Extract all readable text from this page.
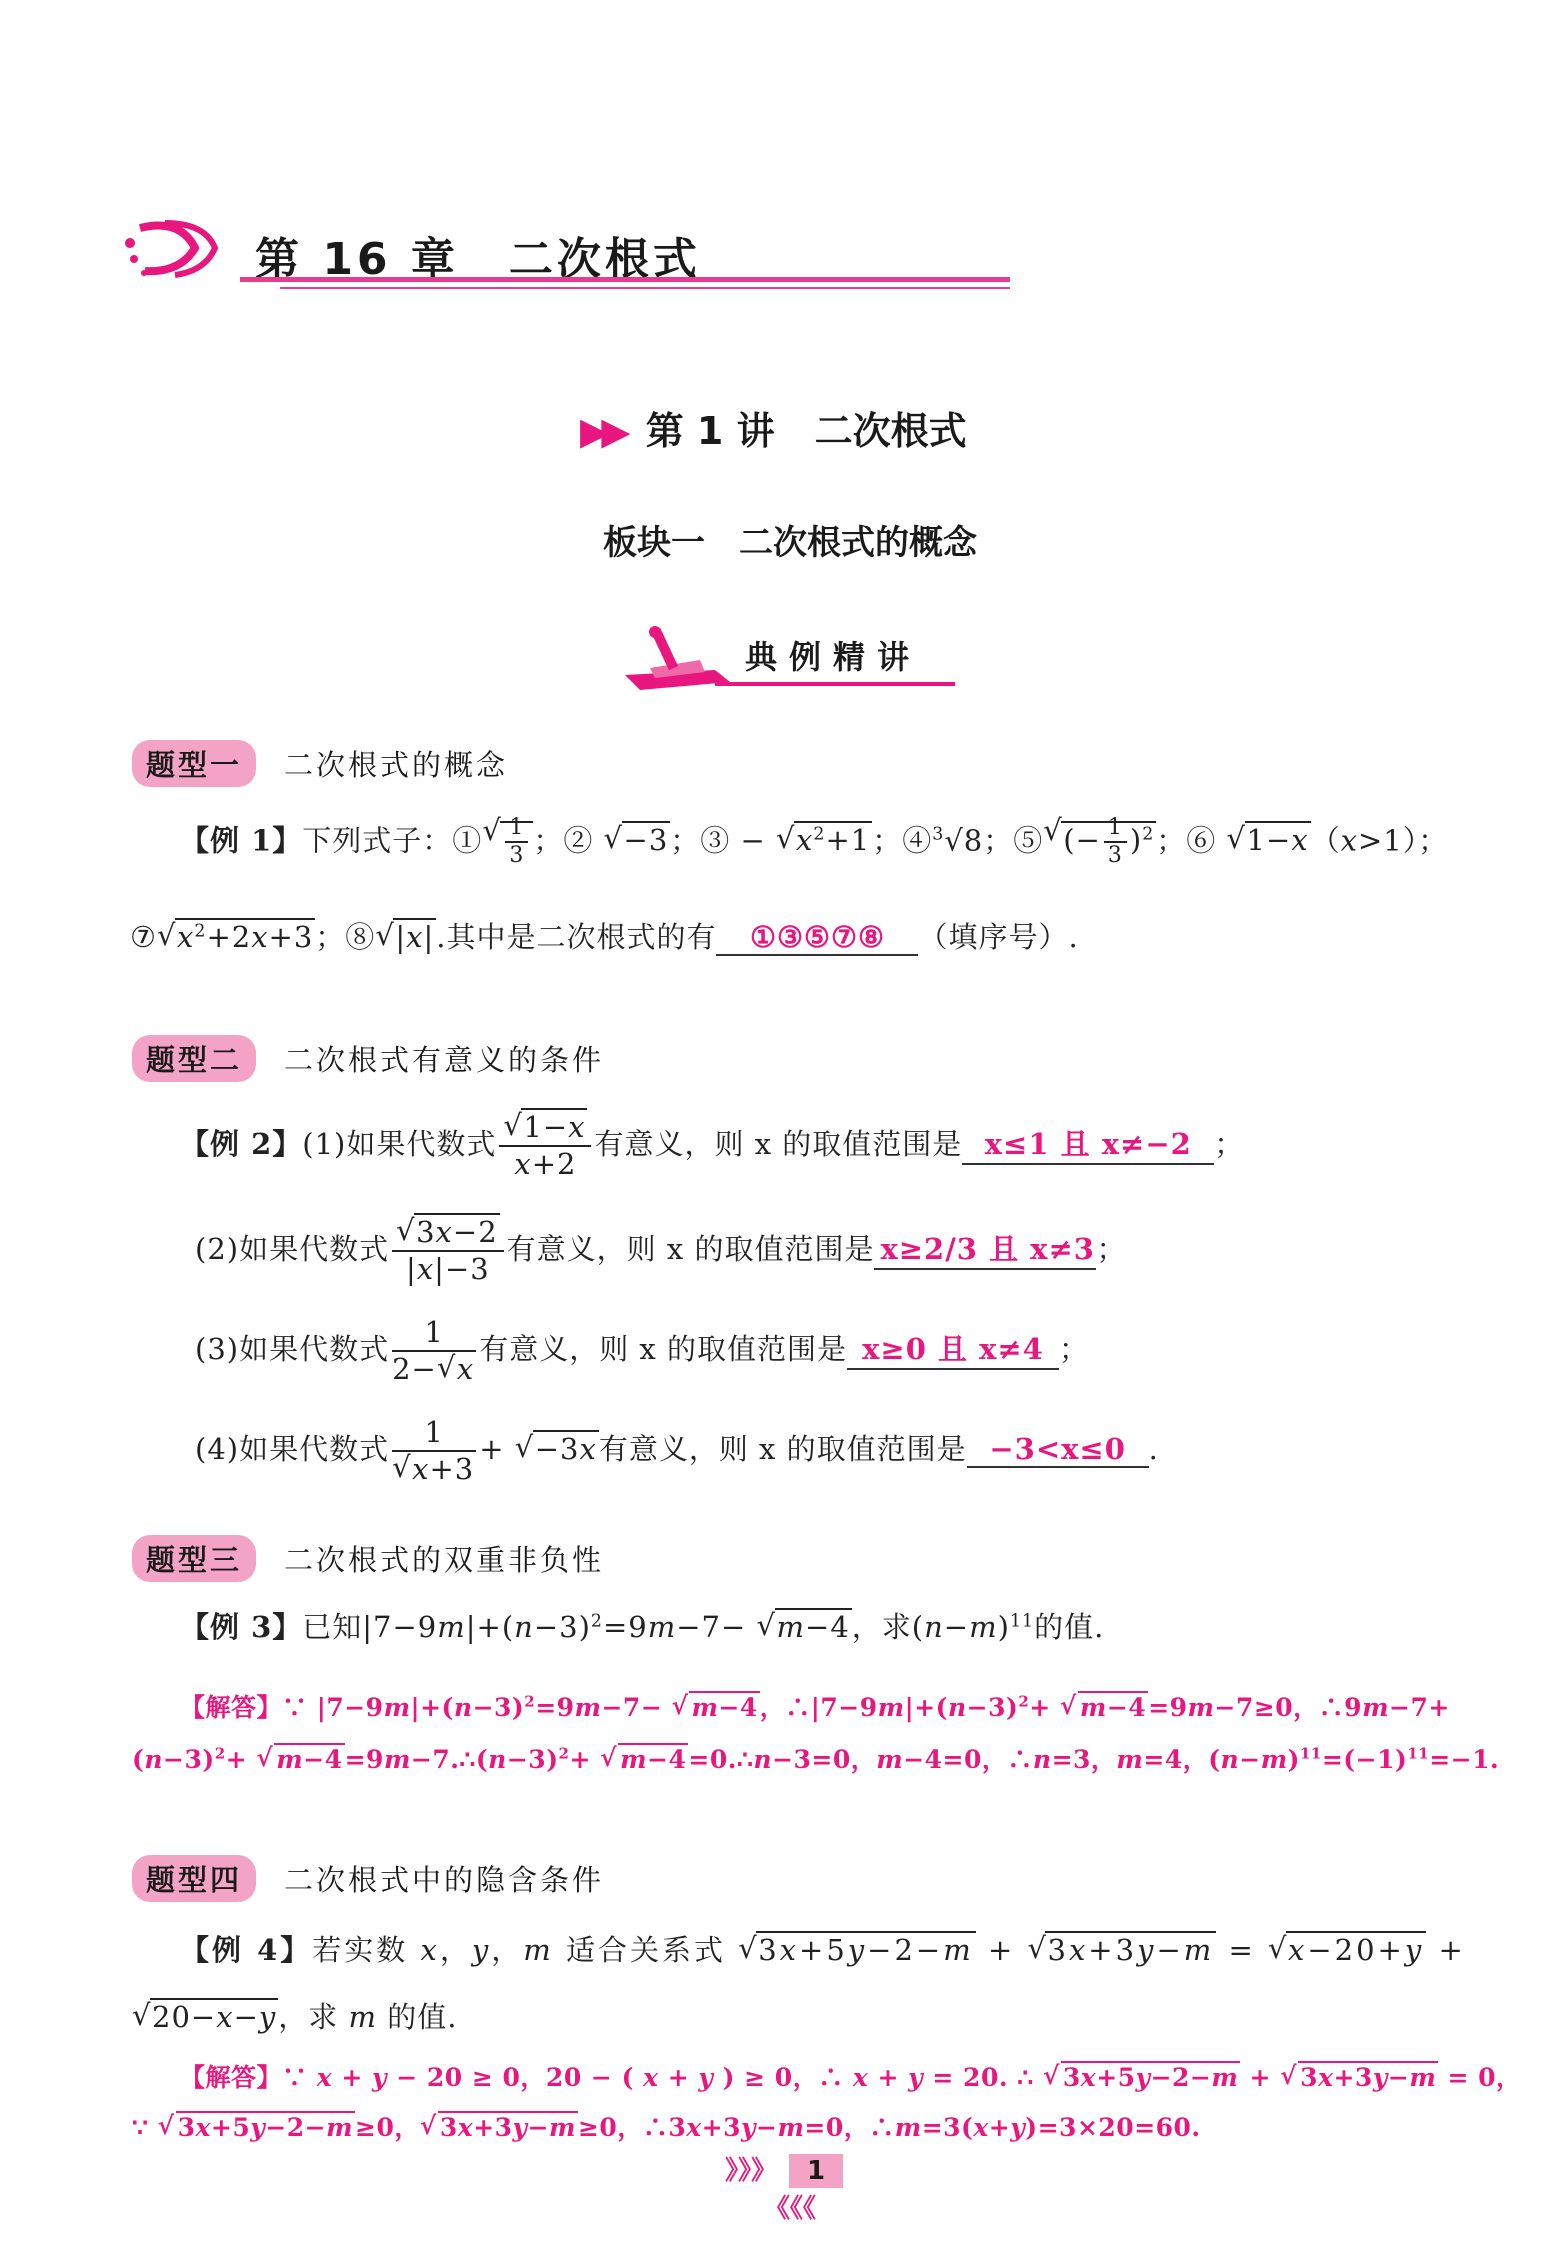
第 16 章 二次根式
▶▶ 第 1 讲 二次根式
板块一　二次根式的概念
典例精讲
题型一 二次根式的概念
【例 1】下列式子：① √ $\frac{1}{3}$ ；② √ −3；③ − √ $x^2+1$；④$^3$√8；⑤ √ (− $\frac{1}{3} )^2$；⑥ √ 1−x（x>1）；
⑦ √ $x^2+2x+3$；⑧ √ |x|.其中是二次根式的有 ①③⑤⑦⑧ （填序号）.
题型二 二次根式有意义的条件
【例 2】(1)如果代数式 √ $\frac{1-x}{x+2}$ 有意义，则 x 的取值范围是 x≤1 且 x≠−2 ；
(2)如果代数式 √ $\frac{3x-2}{|x|-3}$ 有意义，则 x 的取值范围是 x≥2/3 且 x≠3；
(3)如果代数式 $\frac{1}{2- √ x}$ 有意义，则 x 的取值范围是 x≥0 且 x≠4 ；
(4)如果代数式 1
√ x+3 + √ −3x有意义，则 x 的取值范围是 −3<x≤0 .
题型三 二次根式的双重非负性
【例 3】已知$|7-9m|+(n-3)^2=9m-7-$ √ m−4，求$(n-m)^{11}$的值.
【解答】∵ $|7-9m|+(n-3)^2=9m-7-$ √ m−4，$\therefore|7-9m|+(n-3)^2+$ √ m−4=9m−7≥0，∴9m−7+
$(n-3)^2+$ √ $m-4=9m-7.\therefore(n-3)^2+$ √ m−4=0.∴n−3=0，m−4=0，∴n=3，m=4，$(n-m)^{11}=(-1)^{11}=-1$.
题型四 二次根式中的隐含条件
【例 4】若实数 x，y，m 适合关系式 √ 3x+5y−2−m + √ 3x+3y−m = √ x−20+y +
√ 20−x−y，求 m 的值.
【解答】∵ x + y − 20 ≥ 0，20 − ( x + y ) ≥ 0，∴ x + y = 20. ∴ √ 3x+5y−2−m + √ 3x+3y−m = 0，
∵ √ 3x+5y−2−m≥0， √ 3x+3y−m≥0，∴3x+3y−m=0，∴m=3(x+y)=3×20=60.
》》》 1《《《
